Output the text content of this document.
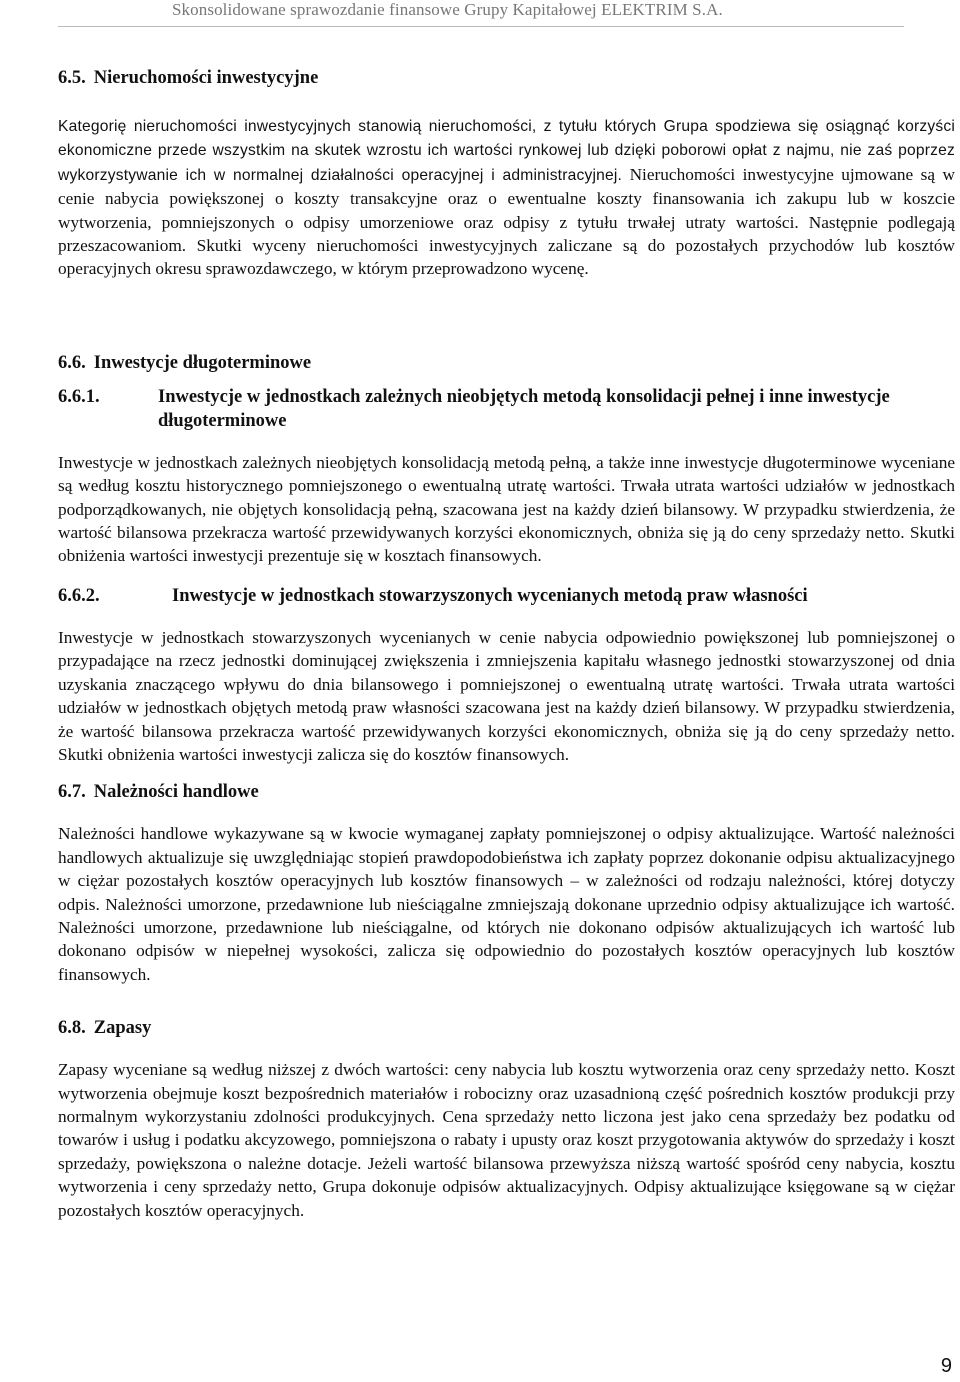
Skonsolidowane sprawozdanie finansowe Grupy Kapitałowej ELEKTRIM S.A.
6.5. Nieruchomości inwestycyjne

Kategorię nieruchomości inwestycyjnych stanowią nieruchomości, z tytułu których Grupa spodziewa się osiągnąć korzyści ekonomiczne przede wszystkim na skutek wzrostu ich wartości rynkowej lub dzięki poborowi opłat z najmu, nie zaś poprzez wykorzystywanie ich w normalnej działalności operacyjnej i administracyjnej. Nieruchomości inwestycyjne ujmowane są w cenie nabycia powiększonej o koszty transakcyjne oraz o ewentualne koszty finansowania ich zakupu lub w koszcie wytworzenia, pomniejszonych o odpisy umorzeniowe oraz odpisy z tytułu trwałej utraty wartości. Następnie podlegają przeszacowaniom. Skutki wyceny nieruchomości inwestycyjnych zaliczane są do pozostałych przychodów lub kosztów operacyjnych okresu sprawozdawczego, w którym przeprowadzono wycenę.

6.6. Inwestycje długoterminowe
6.6.1.	Inwestycje w jednostkach zależnych nieobjętych metodą konsolidacji pełnej i inne inwestycje długoterminowe

Inwestycje w jednostkach zależnych nieobjętych konsolidacją metodą pełną, a także inne inwestycje długoterminowe wyceniane są według kosztu historycznego pomniejszonego o ewentualną utratę wartości. Trwała utrata wartości udziałów w jednostkach podporządkowanych, nie objętych konsolidacją pełną, szacowana jest na każdy dzień bilansowy. W przypadku stwierdzenia, że wartość bilansowa przekracza wartość przewidywanych korzyści ekonomicznych, obniża się ją do ceny sprzedaży netto. Skutki obniżenia wartości inwestycji prezentuje się w kosztach finansowych.

6.6.2.	Inwestycje w jednostkach stowarzyszonych wycenianych metodą praw własności

Inwestycje w jednostkach stowarzyszonych wycenianych w cenie nabycia odpowiednio powiększonej lub pomniejszonej o przypadające na rzecz jednostki dominującej zwiększenia i zmniejszenia kapitału własnego jednostki stowarzyszonej od dnia uzyskania znaczącego wpływu do dnia bilansowego i pomniejszonej o ewentualną utratę wartości. Trwała utrata wartości udziałów w jednostkach objętych metodą praw własności szacowana jest na każdy dzień bilansowy. W przypadku stwierdzenia, że wartość bilansowa przekracza wartość przewidywanych korzyści ekonomicznych, obniża się ją do ceny sprzedaży netto. Skutki obniżenia wartości inwestycji zalicza się do kosztów finansowych.

6.7. Należności handlowe

Należności handlowe wykazywane są w kwocie wymaganej zapłaty pomniejszonej o odpisy aktualizujące. Wartość należności handlowych aktualizuje się uwzględniając stopień prawdopodobieństwa ich zapłaty poprzez dokonanie odpisu aktualizacyjnego w ciężar pozostałych kosztów operacyjnych lub kosztów finansowych – w zależności od rodzaju należności, której dotyczy odpis. Należności umorzone, przedawnione lub nieściągalne zmniejszają dokonane uprzednio odpisy aktualizujące ich wartość. Należności umorzone, przedawnione lub nieściągalne, od których nie dokonano odpisów aktualizujących ich wartość lub dokonano odpisów w niepełnej wysokości, zalicza się odpowiednio do pozostałych kosztów operacyjnych lub kosztów finansowych.

6.8. Zapasy

Zapasy wyceniane są według niższej z dwóch wartości: ceny nabycia lub kosztu wytworzenia oraz ceny sprzedaży netto. Koszt wytworzenia obejmuje koszt bezpośrednich materiałów i robocizny oraz uzasadnioną część pośrednich kosztów produkcji przy normalnym wykorzystaniu zdolności produkcyjnych. Cena sprzedaży netto liczona jest jako cena sprzedaży bez podatku od towarów i usług i podatku akcyzowego, pomniejszona o rabaty i upusty oraz koszt przygotowania aktywów do sprzedaży i koszt sprzedaży, powiększona o należne dotacje. Jeżeli wartość bilansowa przewyższa niższą wartość spośród ceny nabycia, kosztu wytworzenia i ceny sprzedaży netto, Grupa dokonuje odpisów aktualizacyjnych. Odpisy aktualizujące księgowane są w ciężar pozostałych kosztów operacyjnych.

9
